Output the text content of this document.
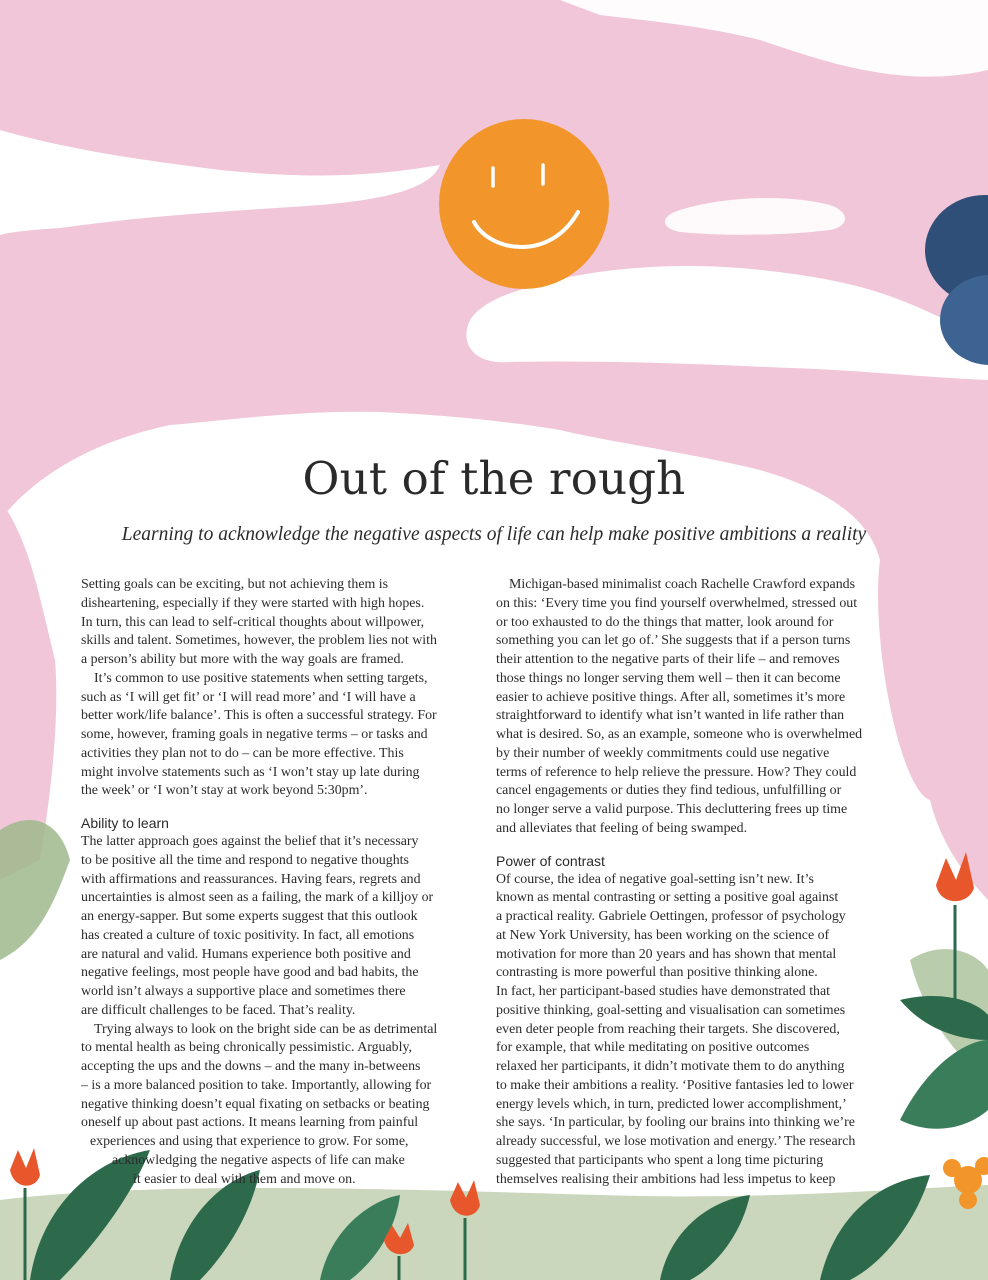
Out of the rough

Learning to acknowledge the negative aspects of life can help make positive ambitions a reality

Setting goals can be exciting, but not achieving them is
disheartening, especially if they were started with high hopes.
In turn, this can lead to self-critical thoughts about willpower,
skills and talent. Sometimes, however, the problem lies not with
a person’s ability but more with the way goals are framed.

It’s common to use positive statements when setting targets,
such as ‘I will get fit’ or ‘I will read more’ and ‘I will have a
better work/life balance’. This is often a successful strategy. For
some, however, framing goals in negative terms – or tasks and
activities they plan not to do – can be more effective. This
might involve statements such as ‘I won’t stay up late during
the week’ or ‘I won’t stay at work beyond 5:30pm’.

Ability to learn

The latter approach goes against the belief that it’s necessary
to be positive all the time and respond to negative thoughts
with affirmations and reassurances. Having fears, regrets and
uncertainties is almost seen as a failing, the mark of a killjoy or
an energy-sapper. But some experts suggest that this outlook
has created a culture of toxic positivity. In fact, all emotions
are natural and valid. Humans experience both positive and
negative feelings, most people have good and bad habits, the
world isn’t always a supportive place and sometimes there
are difficult challenges to be faced. That’s reality.

Trying always to look on the bright side can be as detrimental
to mental health as being chronically pessimistic. Arguably,
accepting the ups and the downs – and the many in-betweens
– is a more balanced position to take. Importantly, allowing for
negative thinking doesn’t equal fixating on setbacks or beating
oneself up about past actions. It means learning from painful
experiences and using that experience to grow. For some,
acknowledging the negative aspects of life can make
it easier to deal with them and move on.

Michigan-based minimalist coach Rachelle Crawford expands
on this: ‘Every time you find yourself overwhelmed, stressed out
or too exhausted to do the things that matter, look around for
something you can let go of.’ She suggests that if a person turns
their attention to the negative parts of their life – and removes
those things no longer serving them well – then it can become
easier to achieve positive things. After all, sometimes it’s more
straightforward to identify what isn’t wanted in life rather than
what is desired. So, as an example, someone who is overwhelmed
by their number of weekly commitments could use negative
terms of reference to help relieve the pressure. How? They could
cancel engagements or duties they find tedious, unfulfilling or
no longer serve a valid purpose. This decluttering frees up time
and alleviates that feeling of being swamped.

Power of contrast

Of course, the idea of negative goal-setting isn’t new. It’s
known as mental contrasting or setting a positive goal against
a practical reality. Gabriele Oettingen, professor of psychology
at New York University, has been working on the science of
motivation for more than 20 years and has shown that mental
contrasting is more powerful than positive thinking alone.
In fact, her participant-based studies have demonstrated that
positive thinking, goal-setting and visualisation can sometimes
even deter people from reaching their targets. She discovered,
for example, that while meditating on positive outcomes
relaxed her participants, it didn’t motivate them to do anything
to make their ambitions a reality. ‘Positive fantasies led to lower
energy levels which, in turn, predicted lower accomplishment,’
she says. ‘In particular, by fooling our brains into thinking we’re
already successful, we lose motivation and energy.’ The research
suggested that participants who spent a long time picturing
themselves realising their ambitions had less impetus to keep
